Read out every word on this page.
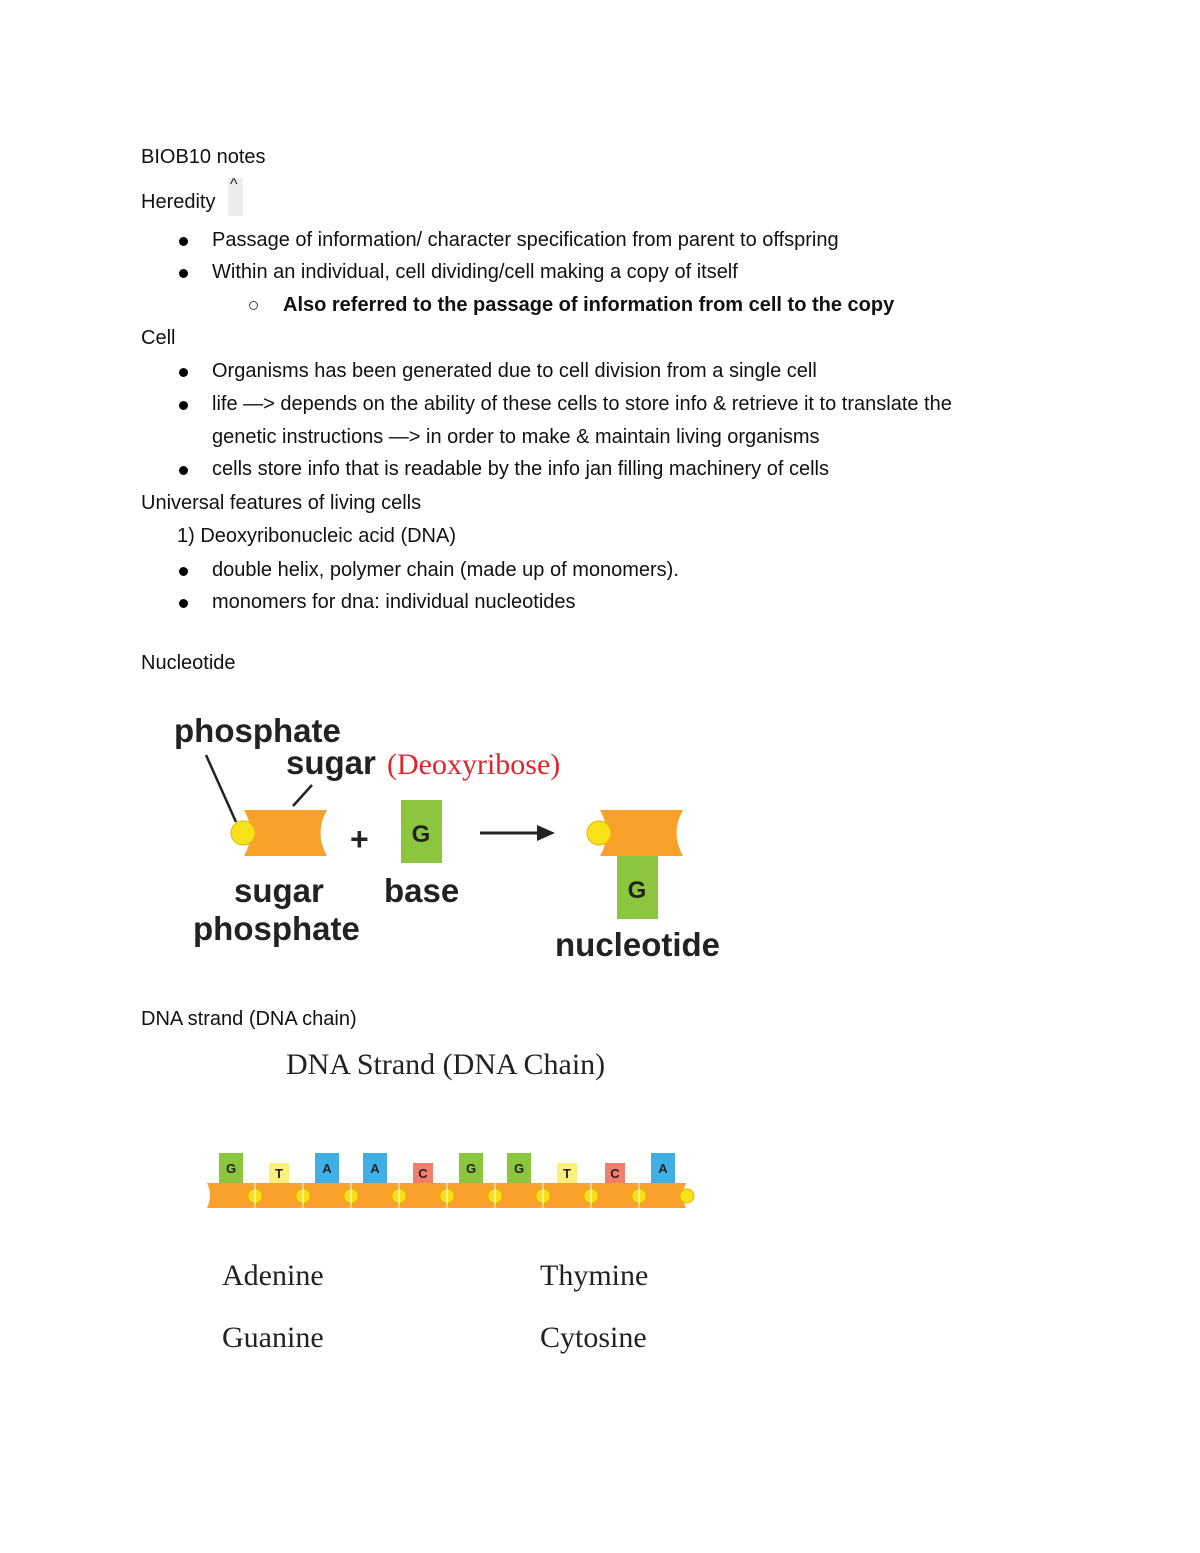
BIOB10 notes
Heredity
^
Passage of information/ character specification from parent to offspring
Within an individual, cell dividing/cell making a copy of itself
Also referred to the passage of information from cell to the copy
Cell
Organisms has been generated due to cell division from a single cell
life —> depends on the ability of these cells to store info & retrieve it to translate the
genetic instructions —> in order to make & maintain living organisms
cells store info that is readable by the info jan filling machinery of cells
Universal features of living cells
1) Deoxyribonucleic acid (DNA)
double helix, polymer chain (made up of monomers).
monomers for dna: individual nucleotides
Nucleotide
phosphate
sugar (Deoxyribose)
+ G
G
sugar
phosphate
base
nucleotide
DNA Strand (DNA Chain)
G	T	A	A	C	G	G	T	C	A
Adenine	Thymine
Guanine	Cytosine
DNA strand (DNA chain)
